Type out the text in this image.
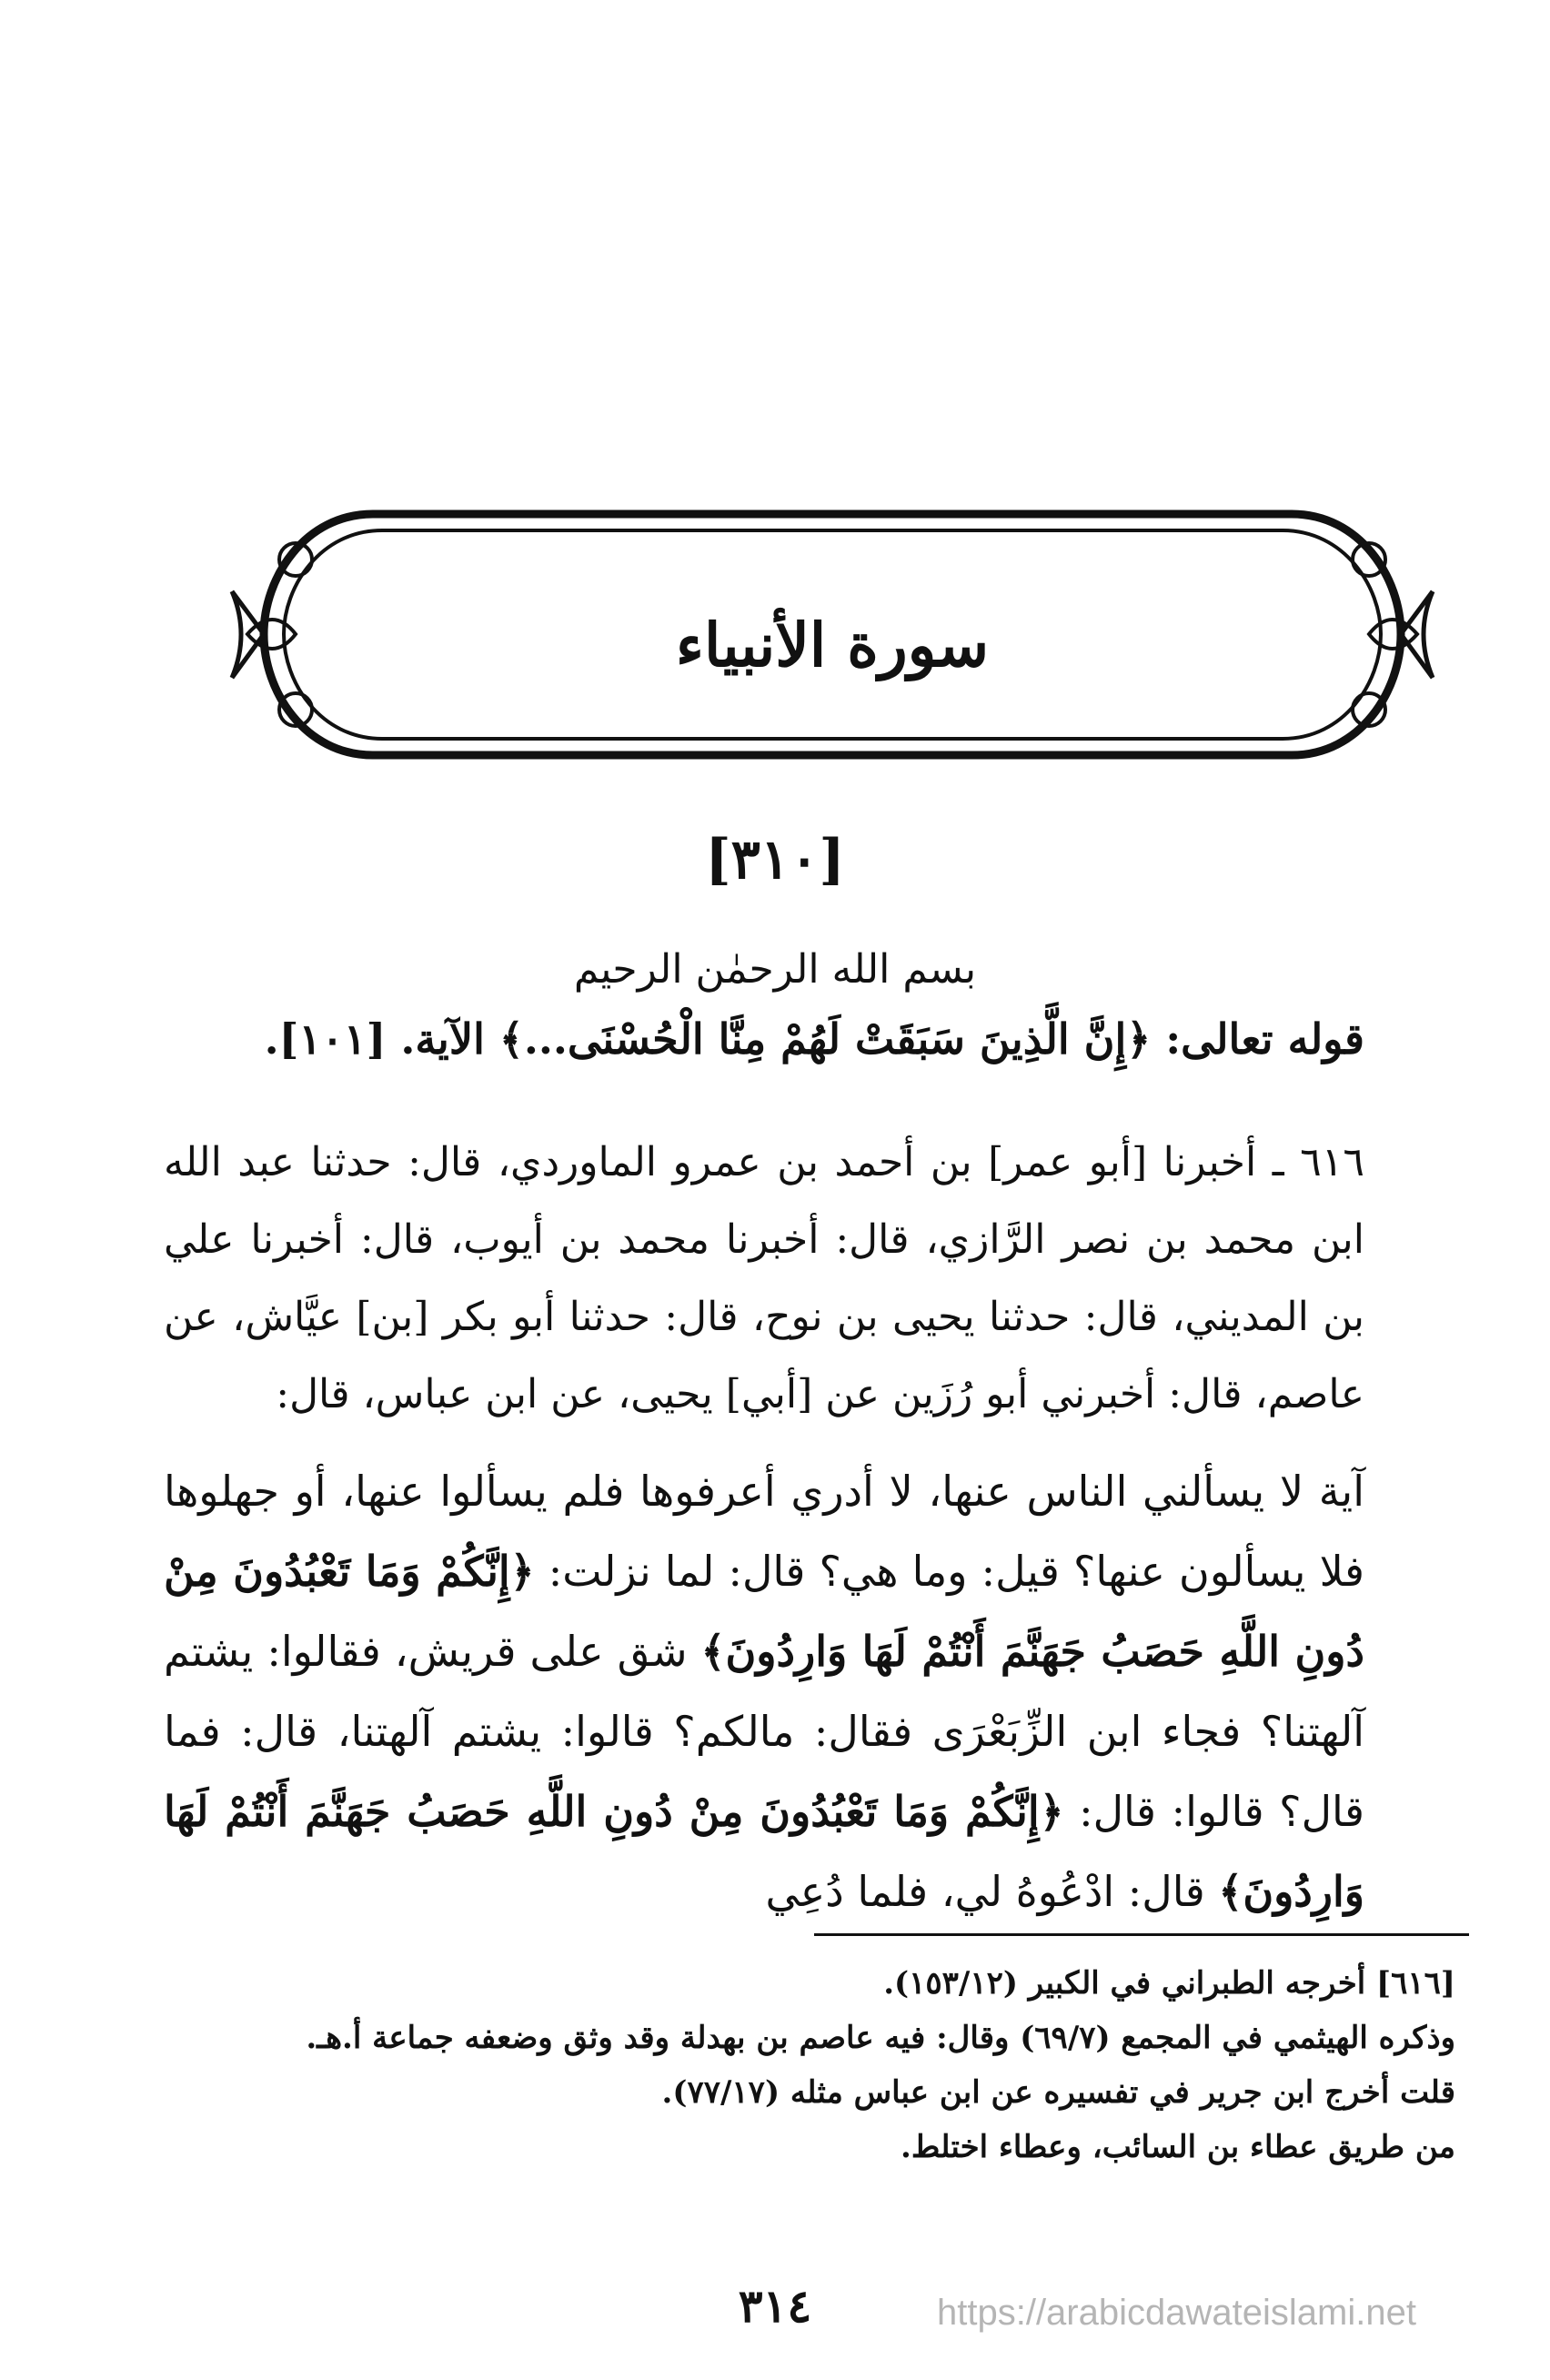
سورة الأنبياء
[٣١٠]
بسم الله الرحمٰن الرحيم
قوله تعالى: ﴿إِنَّ الَّذِينَ سَبَقَتْ لَهُمْ مِنَّا الْحُسْنَى...﴾ الآية. [١٠١].

٦١٦ ـ أخبرنا [أبو عمر] بن أحمد بن عمرو الماوردي، قال: حدثنا عبد الله ابن محمد بن نصر الرَّازي، قال: أخبرنا محمد بن أيوب، قال: أخبرنا علي بن المديني، قال: حدثنا يحيى بن نوح، قال: حدثنا أبو بكر [بن] عيَّاش، عن عاصم، قال: أخبرني أبو رُزَين عن [أبي] يحيى، عن ابن عباس، قال:

آية لا يسألني الناس عنها، لا أدري أعرفوها فلم يسألوا عنها، أو جهلوها فلا يسألون عنها؟ قيل: وما هي؟ قال: لما نزلت: ﴿إِنَّكُمْ وَمَا تَعْبُدُونَ مِنْ دُونِ اللَّهِ حَصَبُ جَهَنَّمَ أَنْتُمْ لَهَا وَارِدُونَ﴾ شق على قريش، فقالوا: يشتم آلهتنا؟ فجاء ابن الزِّبَعْرَى فقال: مالكم؟ قالوا: يشتم آلهتنا، قال: فما قال؟ قالوا: قال: ﴿إِنَّكُمْ وَمَا تَعْبُدُونَ مِنْ دُونِ اللَّهِ حَصَبُ جَهَنَّمَ أَنْتُمْ لَهَا وَارِدُونَ﴾ قال: ادْعُوهُ لي، فلما دُعِي

[٦١٦] أخرجه الطبراني في الكبير (١٥٣/١٢).
وذكره الهيثمي في المجمع (٦٩/٧) وقال: فيه عاصم بن بهدلة وقد وثق وضعفه جماعة أ.هـ.
قلت أخرج ابن جرير في تفسيره عن ابن عباس مثله (٧٧/١٧).
من طريق عطاء بن السائب، وعطاء اختلط.
٣١٤	https://arabicdawateislami.net
